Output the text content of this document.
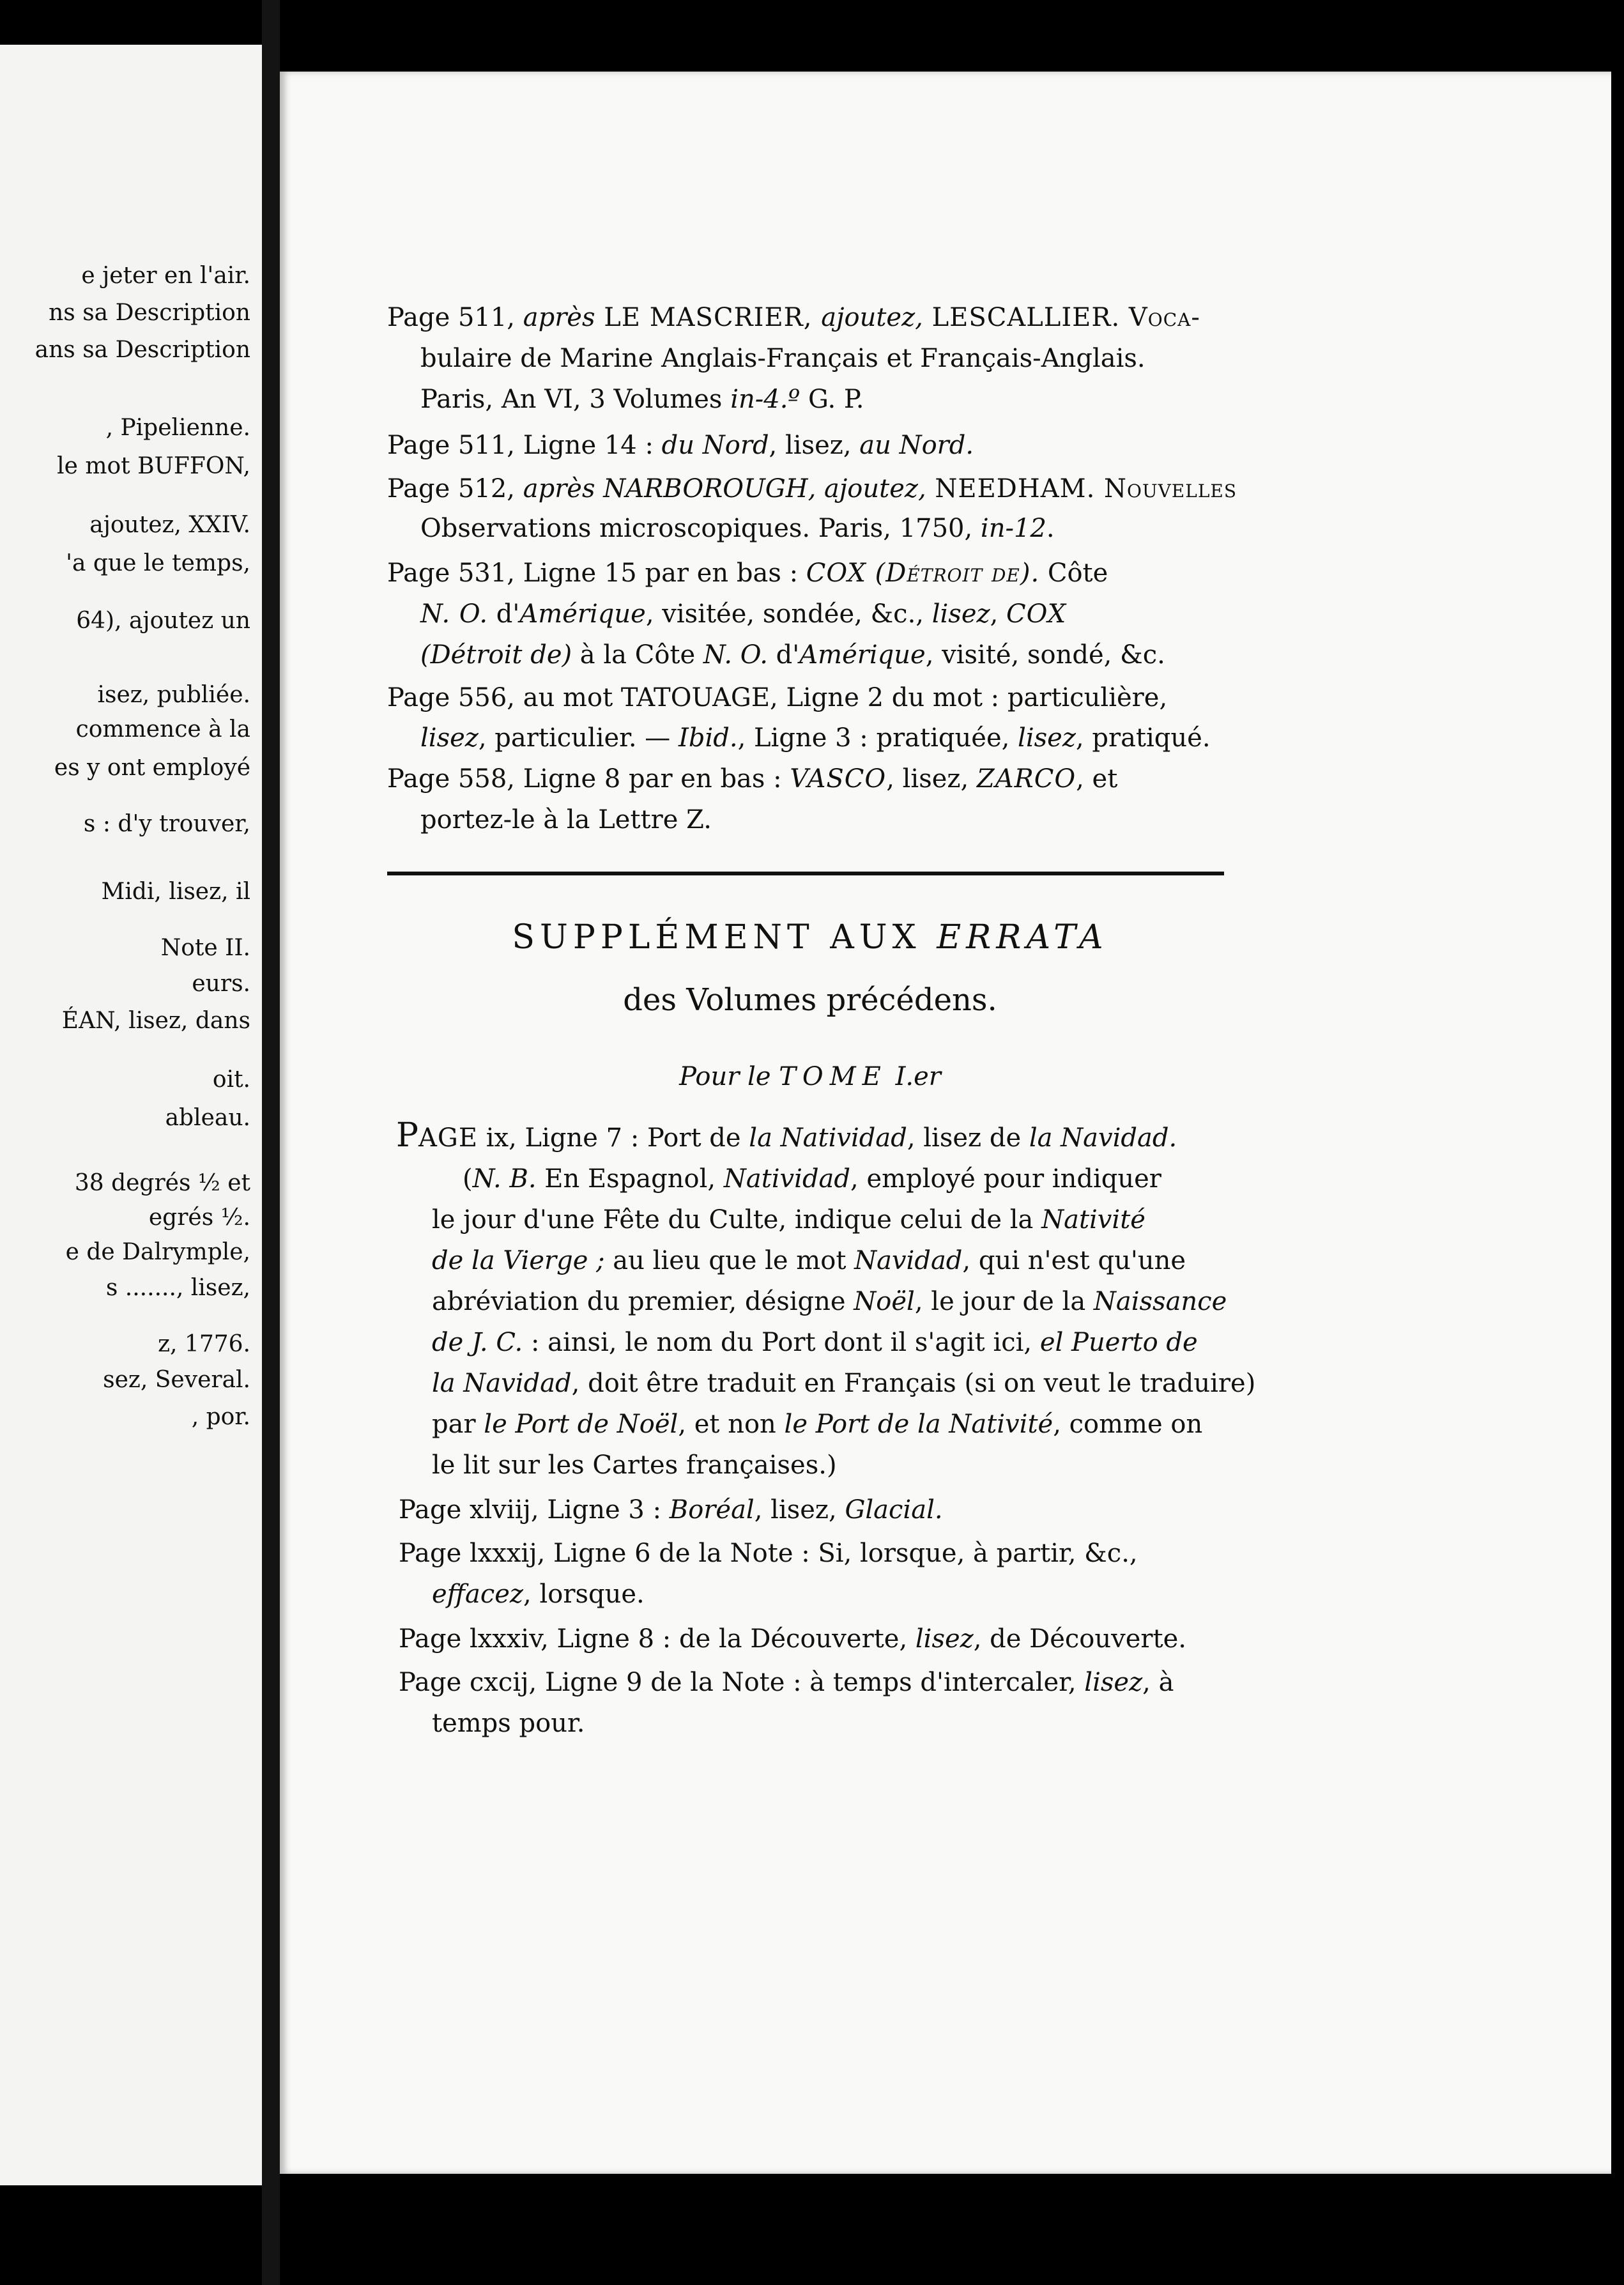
e jeter en l'air.
ns sa Description
ans sa Description
, Pipelienne.
le mot BUFFON,
ajoutez, XXIV.
'a que le temps,
64), ajoutez un
isez, publiée.
commence à la
es y ont employé
s : d'y trouver,
Midi, lisez, il
Note II.
eurs.
ÉAN, lisez, dans
oit.
ableau.
38 degrés ½ et
egrés ½.
e de Dalrymple,
s ......., lisez,
z, 1776.
sez, Several.
, por.
Page 511, après LE MASCRIER, ajoutez, LESCALLIER. Voca-
bulaire de Marine Anglais-Français et Français-Anglais.
Paris, An VI, 3 Volumes in-4.º G. P.
Page 511, Ligne 14 : du Nord, lisez, au Nord.
Page 512, après NARBOROUGH, ajoutez, NEEDHAM. Nouvelles
Observations microscopiques. Paris, 1750, in-12.
Page 531, Ligne 15 par en bas : COX (Détroit de). Côte
N. O. d'Amérique, visitée, sondée, &c., lisez, COX
(Détroit de) à la Côte N. O. d'Amérique, visité, sondé, &c.
Page 556, au mot TATOUAGE, Ligne 2 du mot : particulière,
lisez, particulier. — Ibid., Ligne 3 : pratiquée, lisez, pratiqué.
Page 558, Ligne 8 par en bas : VASCO, lisez, ZARCO, et
portez-le à la Lettre Z.
SUPPLÉMENT AUX ERRATA
des Volumes précédens.
Pour le TOME I.er
PAGE ix, Ligne 7 : Port de la Natividad, lisez de la Navidad.
(N. B. En Espagnol, Natividad, employé pour indiquer
le jour d'une Fête du Culte, indique celui de la Nativité
de la Vierge ; au lieu que le mot Navidad, qui n'est qu'une
abréviation du premier, désigne Noël, le jour de la Naissance
de J. C. : ainsi, le nom du Port dont il s'agit ici, el Puerto de
la Navidad, doit être traduit en Français (si on veut le traduire)
par le Port de Noël, et non le Port de la Nativité, comme on
le lit sur les Cartes françaises.)
Page xlviij, Ligne 3 : Boréal, lisez, Glacial.
Page lxxxij, Ligne 6 de la Note : Si, lorsque, à partir, &c.,
effacez, lorsque.
Page lxxxiv, Ligne 8 : de la Découverte, lisez, de Découverte.
Page cxcij, Ligne 9 de la Note : à temps d'intercaler, lisez, à
temps pour.
